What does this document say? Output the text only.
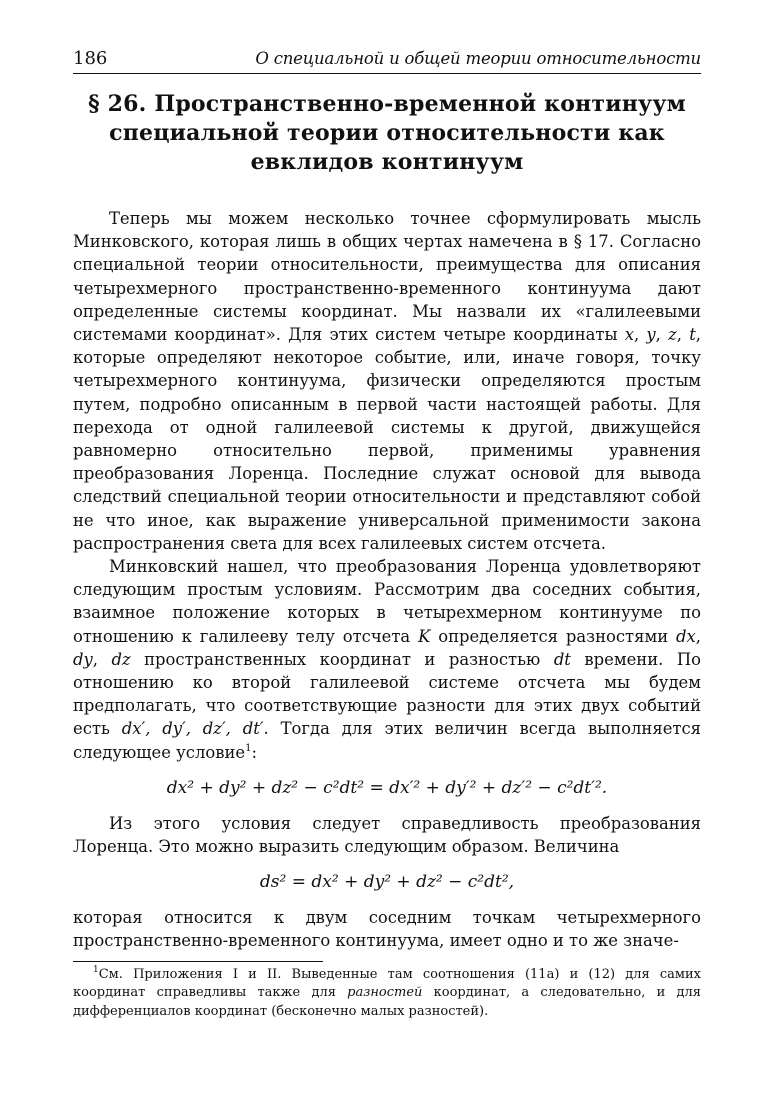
186	О специальной и общей теории относительности
§ 26. Пространственно-временной континуум
специальной теории относительности как
евклидов континуум

Теперь мы можем несколько точнее сформулировать мысль Минковского, которая лишь в общих чертах намечена в § 17. Согласно специальной теории относительности, преимущества для описания четырехмерного пространственно-временного континуума дают определенные системы координат. Мы назвали их «галилеевыми системами координат». Для этих систем четыре координаты x, y, z, t, которые определяют некоторое событие, или, иначе говоря, точку четырехмерного континуума, физически определяются простым путем, подробно описанным в первой части настоящей работы. Для перехода от одной галилеевой системы к другой, движущейся равномерно относительно первой, применимы уравнения преобразования Лоренца. Последние служат основой для вывода следствий специальной теории относительности и представляют собой не что иное, как выражение универсальной применимости закона распространения света для всех галилеевых систем отсчета.

Минковский нашел, что преобразования Лоренца удовлетворяют следующим простым условиям. Рассмотрим два соседних события, взаимное положение которых в четырехмерном континууме по отношению к галилееву телу отсчета K определяется разностями dx, dy, dz пространственных координат и разностью dt времени. По отношению ко второй галилеевой системе отсчета мы будем предполагать, что соответствующие разности для этих двух событий есть dx′, dy′, dz′, dt′. Тогда для этих величин всегда выполняется следующее условие$^1$:

dx² + dy² + dz² − c²dt² = dx′² + dy′² + dz′² − c²dt′².

Из этого условия следует справедливость преобразования Лоренца. Это можно выразить следующим образом. Величина

ds² = dx² + dy² + dz² − c²dt²,

которая относится к двум соседним точкам четырехмерного пространственно-временного континуума, имеет одно и то же значе-

$^1$См. Приложения I и II. Выведенные там соотношения (11a) и (12) для самих координат справедливы также для разностей координат, а следовательно, и для дифференциалов координат (бесконечно малых разностей).
